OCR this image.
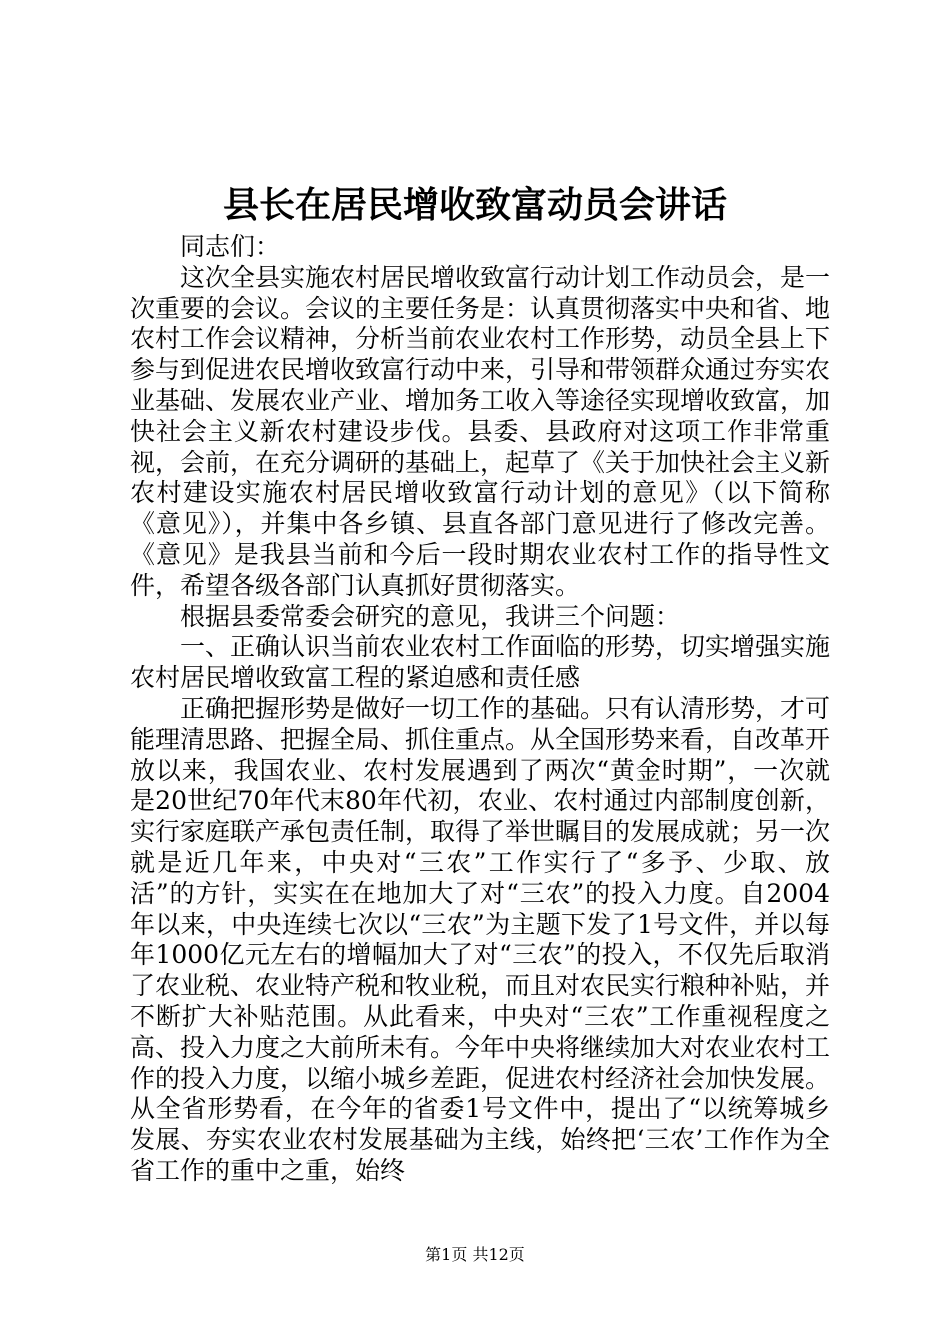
县长在居民增收致富动员会讲话

同志们：

这次全县实施农村居民增收致富行动计划工作动员会，是一次重要的会议。会议的主要任务是：认真贯彻落实中央和省、地农村工作会议精神，分析当前农业农村工作形势，动员全县上下参与到促进农民增收致富行动中来，引导和带领群众通过夯实农业基础、发展农业产业、增加务工收入等途径实现增收致富，加快社会主义新农村建设步伐。县委、县政府对这项工作非常重视，会前，在充分调研的基础上，起草了《关于加快社会主义新农村建设实施农村居民增收致富行动计划的意见》（以下简称《意见》），并集中各乡镇、县直各部门意见进行了修改完善。《意见》是我县当前和今后一段时期农业农村工作的指导性文件，希望各级各部门认真抓好贯彻落实。

根据县委常委会研究的意见，我讲三个问题：

一、正确认识当前农业农村工作面临的形势，切实增强实施农村居民增收致富工程的紧迫感和责任感

正确把握形势是做好一切工作的基础。只有认清形势，才可能理清思路、把握全局、抓住重点。从全国形势来看，自改革开放以来，我国农业、农村发展遇到了两次“黄金时期”，一次就是20世纪70年代末80年代初，农业、农村通过内部制度创新，实行家庭联产承包责任制，取得了举世瞩目的发展成就；另一次就是近几年来，中央对“三农”工作实行了“多予、少取、放活”的方针，实实在在地加大了对“三农”的投入力度。自2004年以来，中央连续七次以“三农”为主题下发了1号文件，并以每年1000亿元左右的增幅加大了对“三农”的投入，不仅先后取消了农业税、农业特产税和牧业税，而且对农民实行粮种补贴，并不断扩大补贴范围。从此看来，中央对“三农”工作重视程度之高、投入力度之大前所未有。今年中央将继续加大对农业农村工作的投入力度，以缩小城乡差距，促进农村经济社会加快发展。从全省形势看，在今年的省委1号文件中，提出了“以统筹城乡发展、夯实农业农村发展基础为主线，始终把‘三农’工作作为全省工作的重中之重，始终

第1页 共12页
